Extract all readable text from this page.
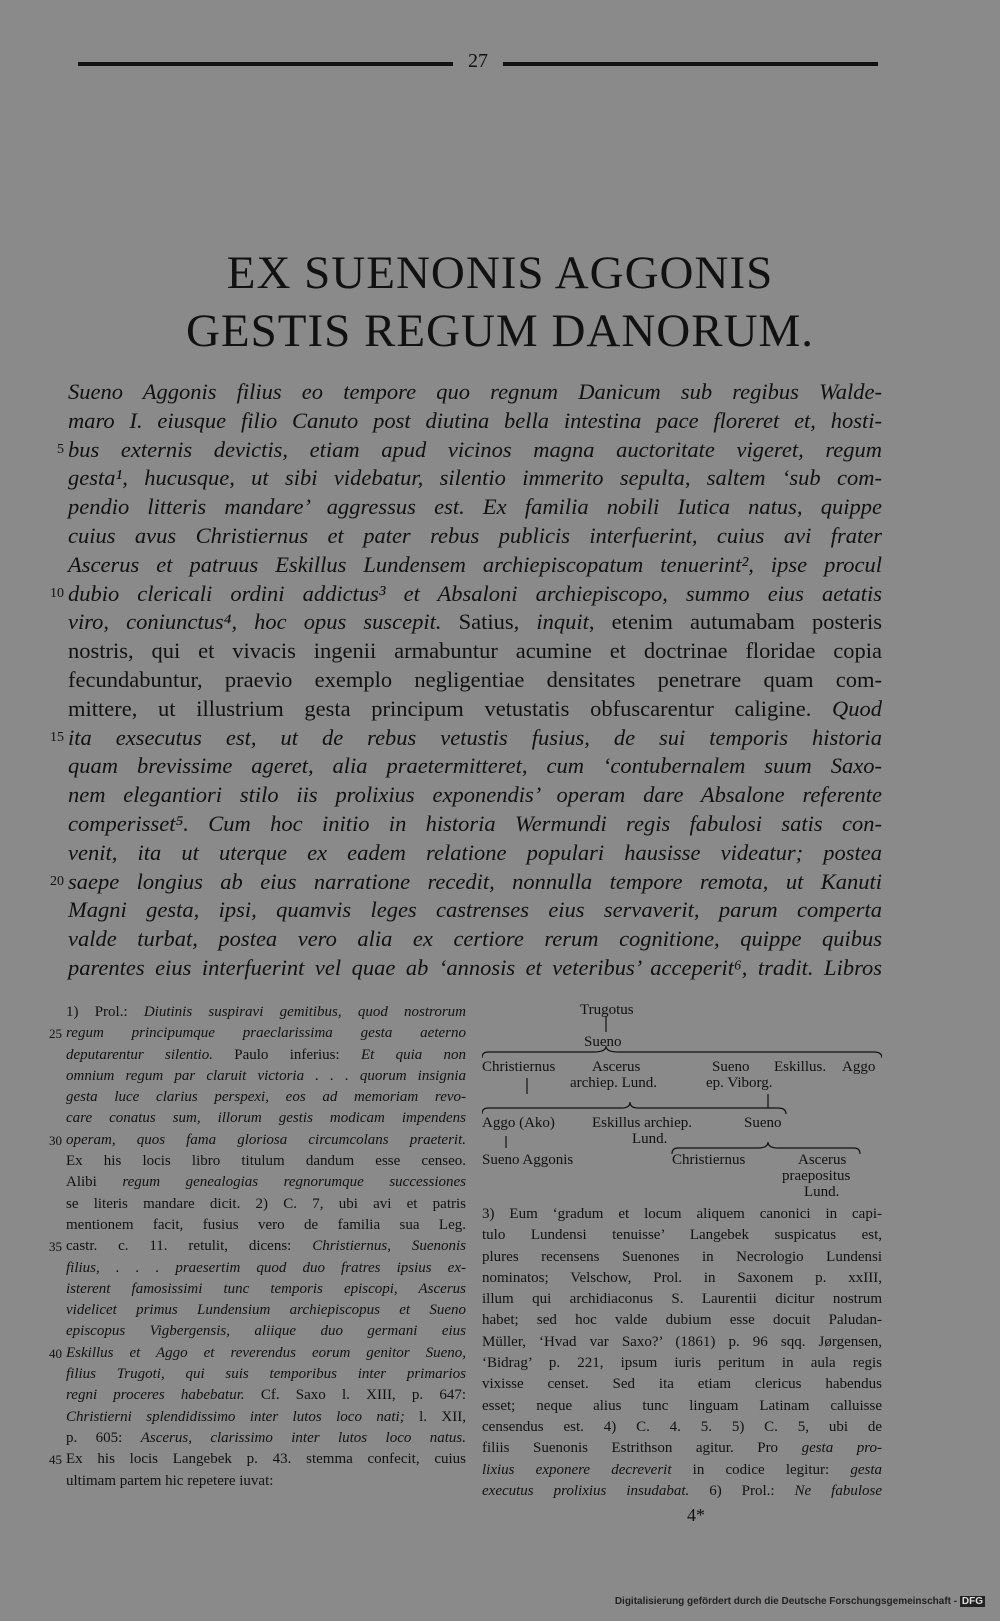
27
EX SUENONIS AGGONIS
GESTIS REGUM DANORUM.
Sueno Aggonis filius eo tempore quo regnum Danicum sub regibus Walde-
maro I. eiusque filio Canuto post diutina bella intestina pace floreret et, hosti-
5 bus externis devictis, etiam apud vicinos magna auctoritate vigeret, regum
gesta¹, hucusque, ut sibi videbatur, silentio immerito sepulta, saltem ‘sub com-
pendio litteris mandare’ aggressus est. Ex familia nobili Iutica natus, quippe
cuius avus Christiernus et pater rebus publicis interfuerint, cuius avi frater
Ascerus et patruus Eskillus Lundensem archiepiscopatum tenuerint², ipse procul
10 dubio clericali ordini addictus³ et Absaloni archiepiscopo, summo eius aetatis
viro, coniunctus⁴, hoc opus suscepit. Satius, inquit, etenim autumabam posteris
nostris, qui et vivacis ingenii armabuntur acumine et doctrinae floridae copia
fecundabuntur, praevio exemplo negligentiae densitates penetrare quam com-
mittere, ut illustrium gesta principum vetustatis obfuscarentur caligine. Quod
15 ita exsecutus est, ut de rebus vetustis fusius, de sui temporis historia
quam brevissime ageret, alia praetermitteret, cum ‘contubernalem suum Saxo-
nem elegantiori stilo iis prolixius exponendis’ operam dare Absalone referente
comperisset⁵. Cum hoc initio in historia Wermundi regis fabulosi satis con-
venit, ita ut uterque ex eadem relatione populari hausisse videatur; postea
20 saepe longius ab eius narratione recedit, nonnulla tempore remota, ut Kanuti
Magni gesta, ipsi, quamvis leges castrenses eius servaverit, parum comperta
valde turbat, postea vero alia ex certiore rerum cognitione, quippe quibus
parentes eius interfuerint vel quae ab ‘annosis et veteribus’ acceperit⁶, tradit. Libros
1) Prol.: Diutinis suspiravi gemitibus, quod nostrorum
25 regum principumque praeclarissima gesta aeterno
deputarentur silentio. Paulo inferius: Et quia non
omnium regum par claruit victoria . . . quorum insignia
gesta luce clarius perspexi, eos ad memoriam revo-
care conatus sum, illorum gestis modicam impendens
30 operam, quos fama gloriosa circumcolans praeterit.
Ex his locis libro titulum dandum esse censeo.
Alibi regum genealogias regnorumque successiones
se literis mandare dicit. 2) C. 7, ubi avi et patris
mentionem facit, fusius vero de familia sua Leg.
35 castr. c. 11. retulit, dicens: Christiernus, Suenonis
filius, . . . praesertim quod duo fratres ipsius ex-
isterent famosissimi tunc temporis episcopi, Ascerus
videlicet primus Lundensium archiepiscopus et Sueno
episcopus Vigbergensis, aliique duo germani eius
40 Eskillus et Aggo et reverendus eorum genitor Sueno,
filius Trugoti, qui suis temporibus inter primarios
regni proceres habebatur. Cf. Saxo l. XIII, p. 647:
Christierni splendidissimo inter lutos loco nati; l. XII,
p. 605: Ascerus, clarissimo inter lutos loco natus.
45 Ex his locis Langebek p. 43. stemma confecit, cuius
ultimam partem hic repetere iuvat:
Trugotus
Sueno
Christiernus Ascerus
archiep. Lund.
Sueno
ep. Viborg.
Eskillus. Aggo
Aggo (Ako) Eskillus archiep.
Lund.
Sueno
Sueno Aggonis	Christiernus	Ascerus
praepositus
Lund.
3) Eum ‘gradum et locum aliquem canonici in capi-
tulo Lundensi tenuisse’ Langebek suspicatus est,
plures recensens Suenones in Necrologio Lundensi
nominatos; Velschow, Prol. in Saxonem p. xxIII,
illum qui archidiaconus S. Laurentii dicitur nostrum
habet; sed hoc valde dubium esse docuit Paludan-
Müller, ‘Hvad var Saxo?’ (1861) p. 96 sqq. Jørgensen,
‘Bidrag’ p. 221, ipsum iuris peritum in aula regis
vixisse censet. Sed ita etiam clericus habendus
esset; neque alius tunc linguam Latinam calluisse
censendus est. 4) C. 4. 5. 5) C. 5, ubi de
filiis Suenonis Estrithson agitur. Pro gesta pro-
lixius exponere decreverit in codice legitur: gesta
executus prolixius insudabat. 6) Prol.: Ne fabulose
4*
Digitalisierung gefördert durch die Deutsche Forschungsgemeinschaft - DFG
